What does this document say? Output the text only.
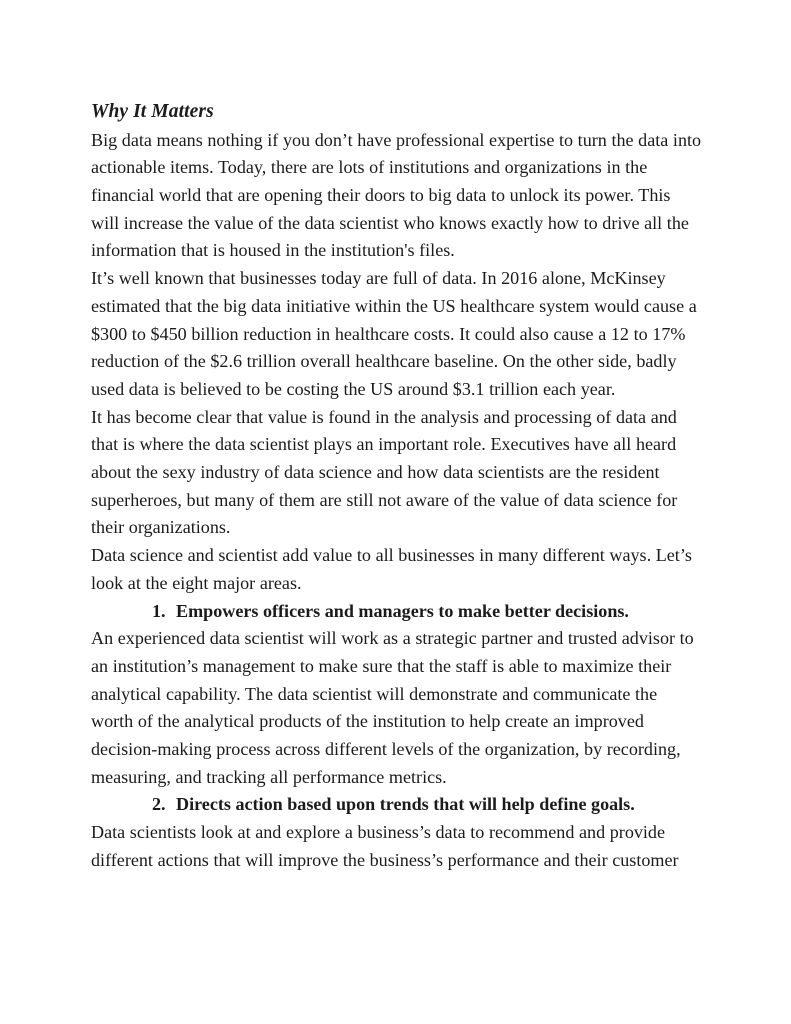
Why It Matters

Big data means nothing if you don’t have professional expertise to turn the data into actionable items. Today, there are lots of institutions and organizations in the financial world that are opening their doors to big data to unlock its power. This will increase the value of the data scientist who knows exactly how to drive all the information that is housed in the institution's files.

It’s well known that businesses today are full of data. In 2016 alone, McKinsey estimated that the big data initiative within the US healthcare system would cause a $300 to $450 billion reduction in healthcare costs. It could also cause a 12 to 17% reduction of the $2.6 trillion overall healthcare baseline. On the other side, badly used data is believed to be costing the US around $3.1 trillion each year.

It has become clear that value is found in the analysis and processing of data and that is where the data scientist plays an important role. Executives have all heard about the sexy industry of data science and how data scientists are the resident superheroes, but many of them are still not aware of the value of data science for their organizations.

Data science and scientist add value to all businesses in many different ways. Let’s look at the eight major areas.

1. Empowers officers and managers to make better decisions.

An experienced data scientist will work as a strategic partner and trusted advisor to an institution’s management to make sure that the staff is able to maximize their analytical capability. The data scientist will demonstrate and communicate the worth of the analytical products of the institution to help create an improved decision-making process across different levels of the organization, by recording, measuring, and tracking all performance metrics.

2. Directs action based upon trends that will help define goals.

Data scientists look at and explore a business’s data to recommend and provide different actions that will improve the business’s performance and their customer
